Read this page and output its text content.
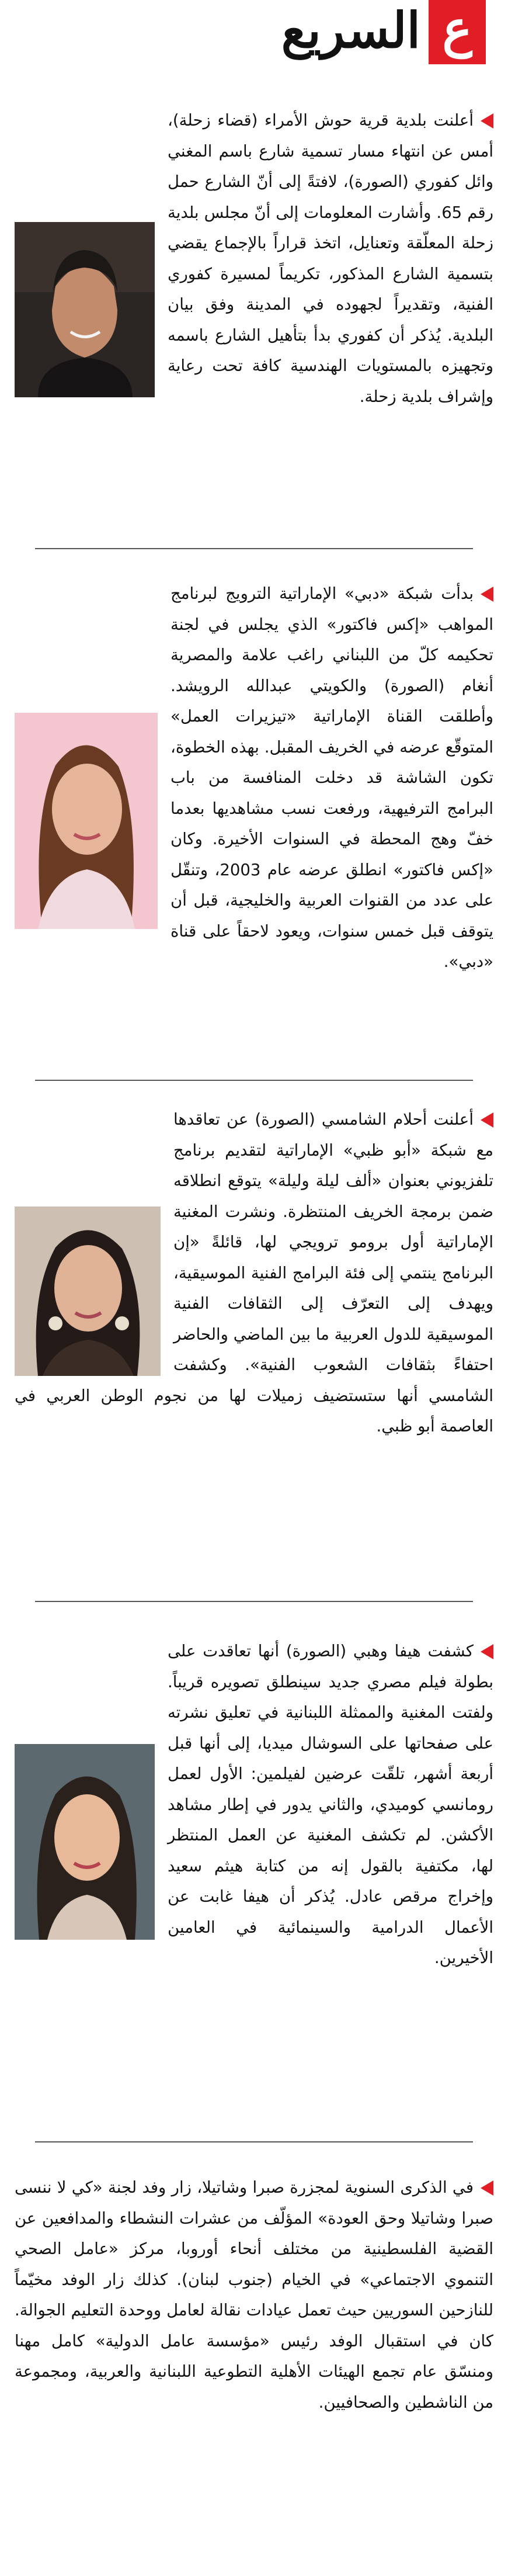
ع
السريع
أعلنت بلدية قرية حوش الأمراء (قضاء زحلة)، أمس عن انتهاء مسار تسمية شارع باسم المغني وائل كفوري (الصورة)، لافتةً إلى أنّ الشارع حمل رقم 65. وأشارت المعلومات إلى أنّ مجلس بلدية زحلة المعلّقة وتعنايل، اتخذ قراراً بالإجماع يقضي بتسمية الشارع المذكور، تكريماً لمسيرة كفوري الفنية، وتقديراً لجهوده في المدينة وفق بيان البلدية. يُذكر أن كفوري بدأ بتأهيل الشارع باسمه وتجهيزه بالمستويات الهندسية كافة تحت رعاية وإشراف بلدية زحلة.
بدأت شبكة «دبي» الإماراتية الترويج لبرنامج المواهب «إكس فاكتور» الذي يجلس في لجنة تحكيمه كلّ من اللبناني راغب علامة والمصرية أنغام (الصورة) والكويتي عبدالله الرويشد. وأطلقت القناة الإماراتية «تيزيرات العمل» المتوقّع عرضه في الخريف المقبل. بهذه الخطوة، تكون الشاشة قد دخلت المنافسة من باب البرامج الترفيهية، ورفعت نسب مشاهديها بعدما خفّ وهج المحطة في السنوات الأخيرة. وكان «إكس فاكتور» انطلق عرضه عام 2003، وتنقّل على عدد من القنوات العربية والخليجية، قبل أن يتوقف قبل خمس سنوات، ويعود لاحقاً على قناة «دبي».
أعلنت أحلام الشامسي (الصورة) عن تعاقدها مع شبكة «أبو ظبي» الإماراتية لتقديم برنامج تلفزيوني بعنوان «ألف ليلة وليلة» يتوقع انطلاقه ضمن برمجة الخريف المنتظرة. ونشرت المغنية الإماراتية أول برومو ترويجي لها، قائلةً «إن البرنامج ينتمي إلى فئة البرامج الفنية الموسيقية، ويهدف إلى التعرّف إلى الثقافات الفنية الموسيقية للدول العربية ما بين الماضي والحاضر احتفاءً بثقافات الشعوب الفنية». وكشفت الشامسي أنها ستستضيف زميلات لها من نجوم الوطن العربي في العاصمة أبو ظبي.
كشفت هيفا وهبي (الصورة) أنها تعاقدت على بطولة فيلم مصري جديد سينطلق تصويره قريباً. ولفتت المغنية والممثلة اللبنانية في تعليق نشرته على صفحاتها على السوشال ميديا، إلى أنها قبل أربعة أشهر، تلقّت عرضين لفيلمين: الأول لعمل رومانسي كوميدي، والثاني يدور في إطار مشاهد الأكشن. لم تكشف المغنية عن العمل المنتظر لها، مكتفية بالقول إنه من كتابة هيثم سعيد وإخراج مرقص عادل. يُذكر أن هيفا غابت عن الأعمال الدرامية والسينمائية في العامين الأخيرين.
في الذكرى السنوية لمجزرة صبرا وشاتيلا، زار وفد لجنة «كي لا ننسى صبرا وشاتيلا وحق العودة» المؤلّف من عشرات النشطاء والمدافعين عن القضية الفلسطينية من مختلف أنحاء أوروبا، مركز «عامل الصحي التنموي الاجتماعي» في الخيام (جنوب لبنان). كذلك زار الوفد مخيّماً للنازحين السوريين حيث تعمل عيادات نقالة لعامل ووحدة التعليم الجوالة. كان في استقبال الوفد رئيس «مؤسسة عامل الدولية» كامل مهنا ومنسّق عام تجمع الهيئات الأهلية التطوعية اللبنانية والعربية، ومجموعة من الناشطين والصحافيين.
